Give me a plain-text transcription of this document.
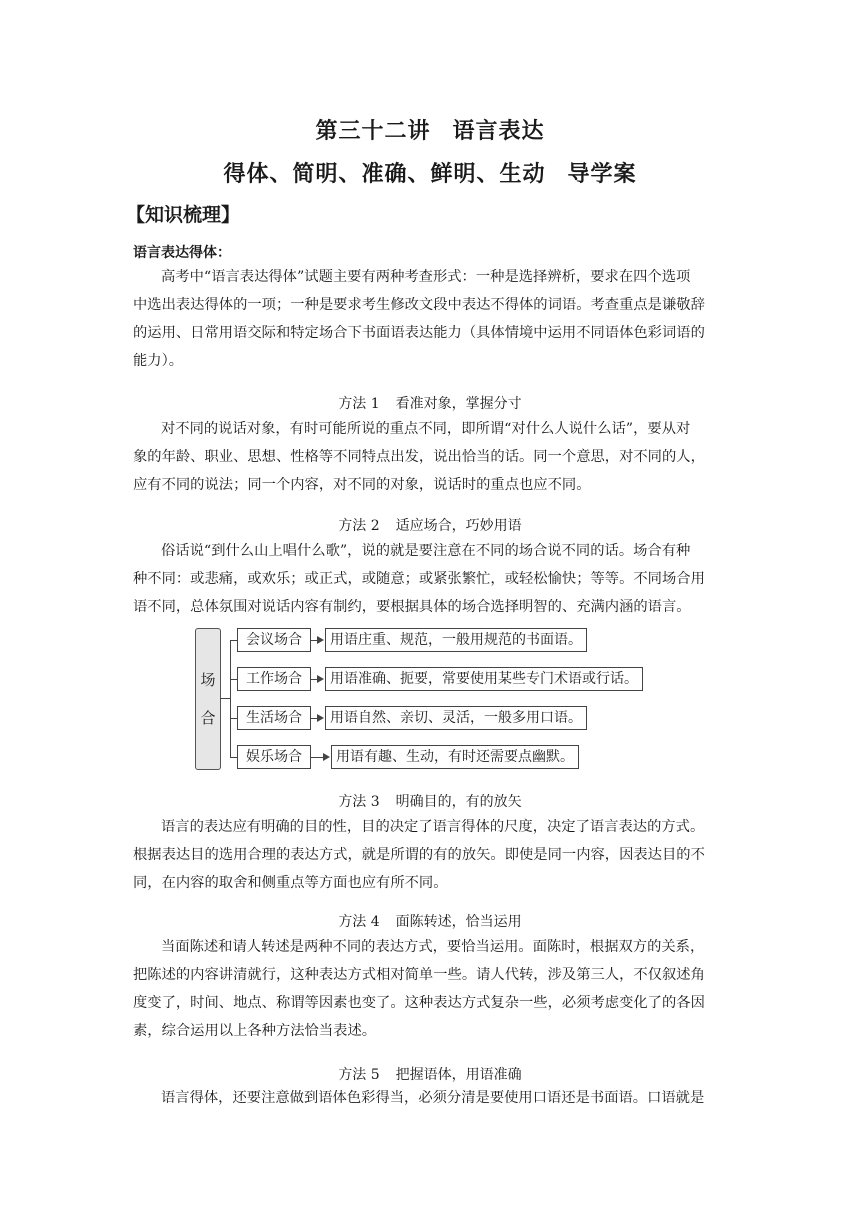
第三十二讲 语言表达
得体、简明、准确、鲜明、生动 导学案
【知识梳理】
语言表达得体：
高考中“语言表达得体”试题主要有两种考查形式：一种是选择辨析，要求在四个选项
中选出表达得体的一项；一种是要求考生修改文段中表达不得体的词语。考查重点是谦敬辞
的运用、日常用语交际和特定场合下书面语表达能力（具体情境中运用不同语体色彩词语的
能力）。
方法 1 看准对象，掌握分寸
对不同的说话对象，有时可能所说的重点不同，即所谓“对什么人说什么话”，要从对
象的年龄、职业、思想、性格等不同特点出发，说出恰当的话。同一个意思，对不同的人，
应有不同的说法；同一个内容，对不同的对象，说话时的重点也应不同。
方法 2 适应场合，巧妙用语
俗话说“到什么山上唱什么歌”，说的就是要注意在不同的场合说不同的话。场合有种
种不同：或悲痛，或欢乐；或正式，或随意；或紧张繁忙，或轻松愉快；等等。不同场合用
语不同，总体氛围对说话内容有制约，要根据具体的场合选择明智的、充满内涵的语言。
场
合
会议场合	用语庄重、规范，一般用规范的书面语。
工作场合	用语准确、扼要，常要使用某些专门术语或行话。
生活场合	用语自然、亲切、灵活，一般多用口语。
娱乐场合	用语有趣、生动，有时还需要点幽默。
方法 3 明确目的，有的放矢
语言的表达应有明确的目的性，目的决定了语言得体的尺度，决定了语言表达的方式。
根据表达目的选用合理的表达方式，就是所谓的有的放矢。即使是同一内容，因表达目的不
同，在内容的取舍和侧重点等方面也应有所不同。
方法 4 面陈转述，恰当运用
当面陈述和请人转述是两种不同的表达方式，要恰当运用。面陈时，根据双方的关系，
把陈述的内容讲清就行，这种表达方式相对简单一些。请人代转，涉及第三人，不仅叙述角
度变了，时间、地点、称谓等因素也变了。这种表达方式复杂一些，必须考虑变化了的各因
素，综合运用以上各种方法恰当表述。
方法 5 把握语体，用语准确
语言得体，还要注意做到语体色彩得当，必须分清是要使用口语还是书面语。口语就是
